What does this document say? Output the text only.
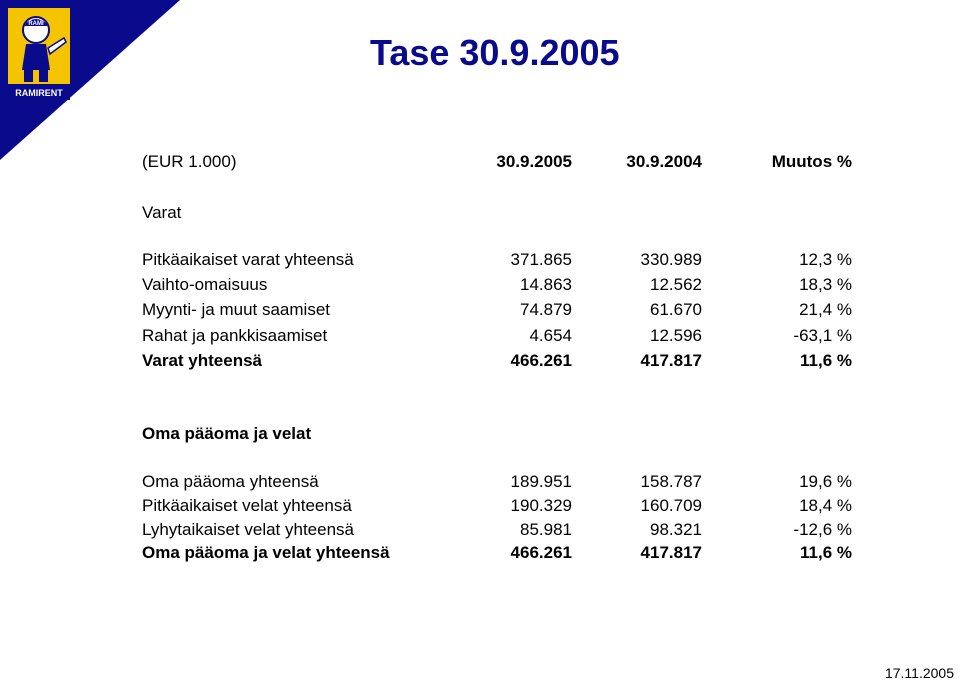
RAMI
RAMIRENT
Tase 30.9.2005
(EUR 1.000)	30.9.2005	30.9.2004	Muutos %
Varat
Pitkäaikaiset varat yhteensä	371.865	330.989	12,3 %
Vaihto-omaisuus	14.863	12.562	18,3 %
Myynti- ja muut saamiset	74.879	61.670	21,4 %
Rahat ja pankkisaamiset	4.654	12.596	-63,1 %
Varat yhteensä	466.261	417.817	11,6 %
Oma pääoma ja velat
Oma pääoma yhteensä	189.951	158.787	19,6 %
Pitkäaikaiset velat yhteensä	190.329	160.709	18,4 %
Lyhytaikaiset velat yhteensä	85.981	98.321	-12,6 %
Oma pääoma ja velat yhteensä	466.261	417.817	11,6 %
17.11.2005
